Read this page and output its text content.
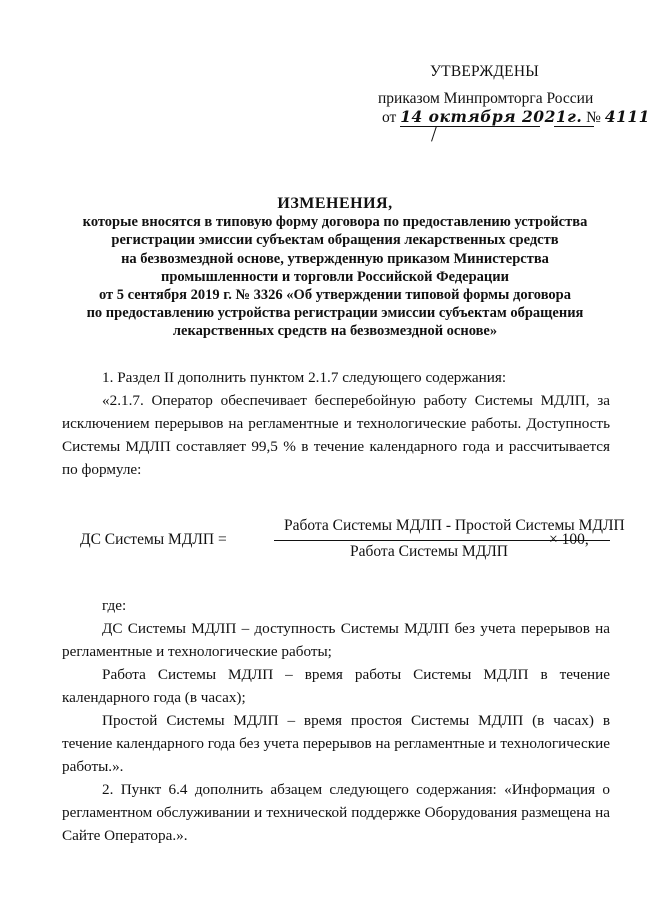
УТВЕРЖДЕНЫ
приказом Минпромторга России
от 14 октября 2021г. № 4111
ИЗМЕНЕНИЯ,
которые вносятся в типовую форму договора по предоставлению устройства
регистрации эмиссии субъектам обращения лекарственных средств
на безвозмездной основе, утвержденную приказом Министерства
промышленности и торговли Российской Федерации
от 5 сентября 2019 г. № 3326 «Об утверждении типовой формы договора
по предоставлению устройства регистрации эмиссии субъектам обращения
лекарственных средств на безвозмездной основе»
1. Раздел II дополнить пунктом 2.1.7 следующего содержания:
«2.1.7. Оператор обеспечивает бесперебойную работу Системы МДЛП, за исключением перерывов на регламентные и технологические работы. Доступность Системы МДЛП составляет 99,5 % в течение календарного года и рассчитывается по формуле:
ДС Системы МДЛП =
Работа Системы МДЛП - Простой Системы МДЛП
Работа Системы МДЛП
× 100,
где:
ДС Системы МДЛП – доступность Системы МДЛП без учета перерывов на регламентные и технологические работы;
Работа Системы МДЛП – время работы Системы МДЛП в течение календарного года (в часах);
Простой Системы МДЛП – время простоя Системы МДЛП (в часах) в течение календарного года без учета перерывов на регламентные и технологические работы.».
2. Пункт 6.4 дополнить абзацем следующего содержания: «Информация о регламентном обслуживании и технической поддержке Оборудования размещена на Сайте Оператора.».
